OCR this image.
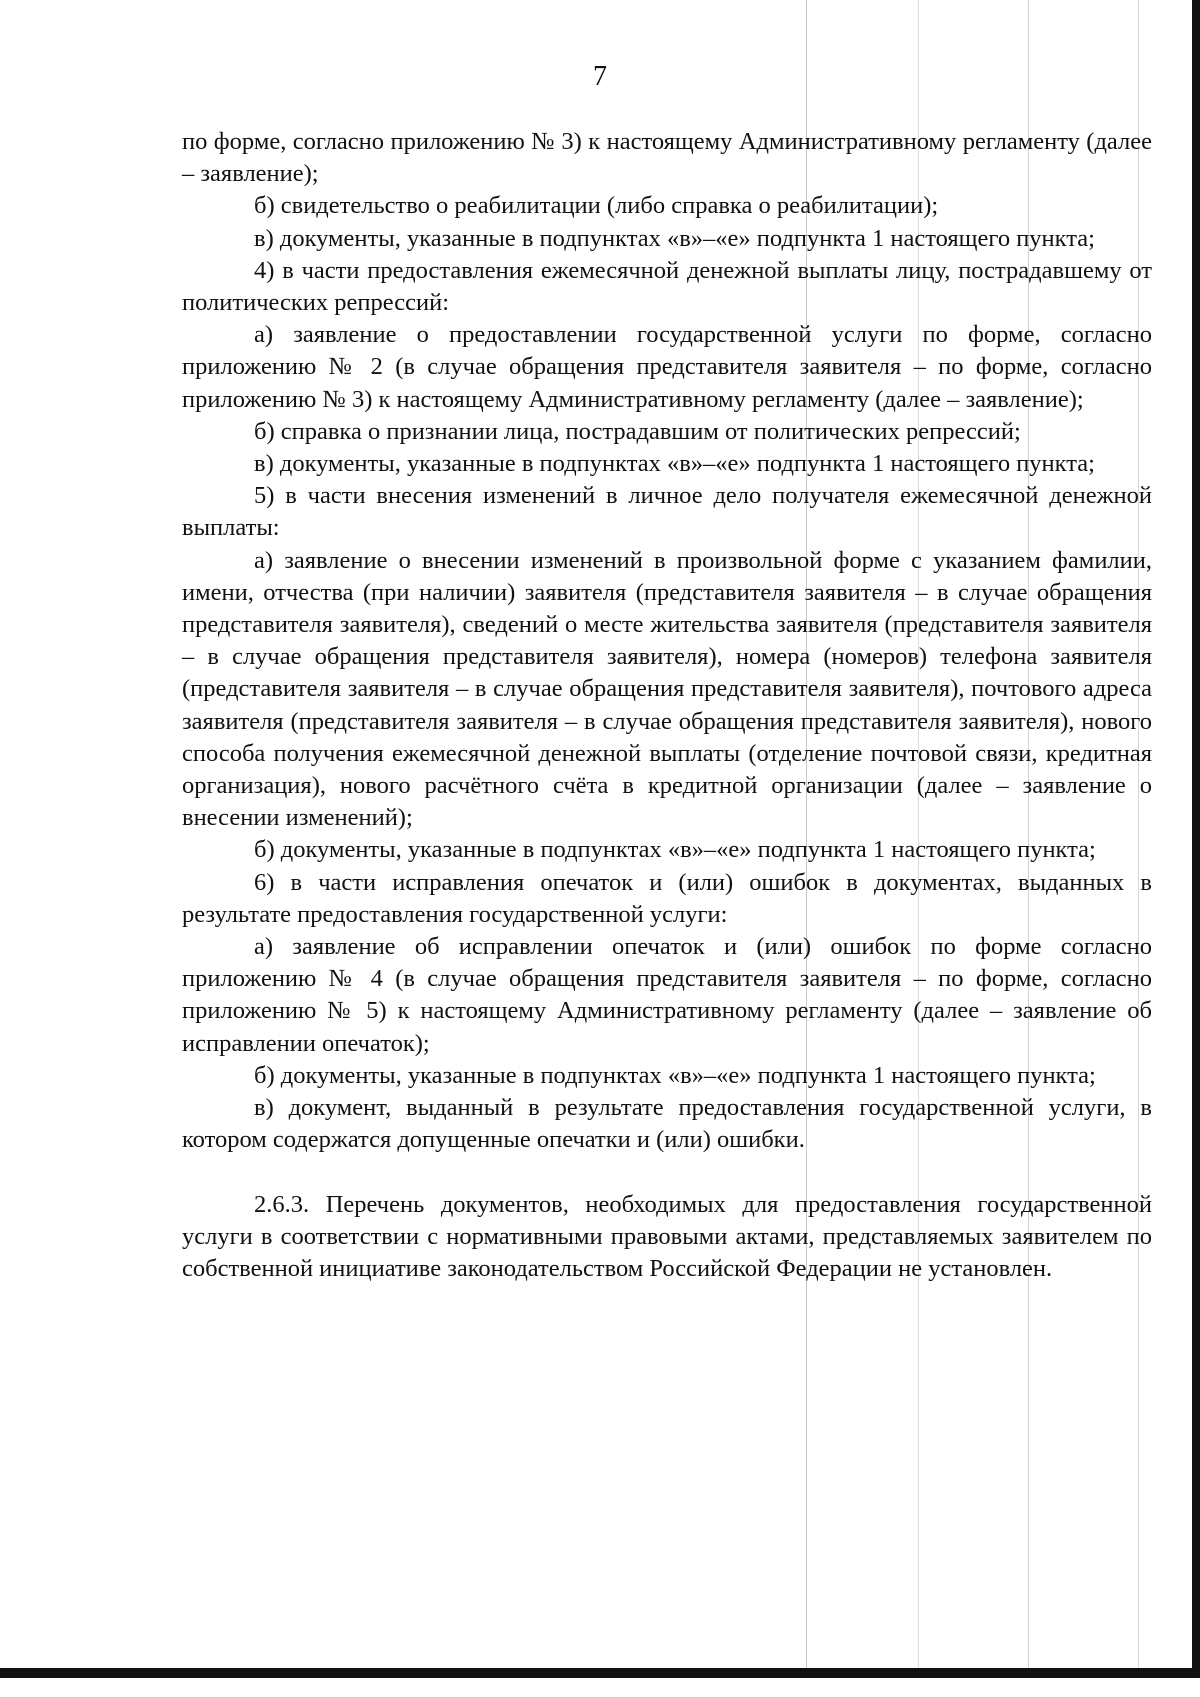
7

по форме, согласно приложению № 3) к настоящему Административному регламенту (далее – заявление);

б) свидетельство о реабилитации (либо справка о реабилитации);

в) документы, указанные в подпунктах «в»–«е» подпункта 1 настоящего пункта;

4) в части предоставления ежемесячной денежной выплаты лицу, пострадавшему от политических репрессий:

а) заявление о предоставлении государственной услуги по форме, согласно приложению № 2 (в случае обращения представителя заявителя – по форме, согласно приложению № 3) к настоящему Административному регламенту (далее – заявление);

б) справка о признании лица, пострадавшим от политических репрессий;

в) документы, указанные в подпунктах «в»–«е» подпункта 1 настоящего пункта;

5) в части внесения изменений в личное дело получателя ежемесячной денежной выплаты:

а) заявление о внесении изменений в произвольной форме с указанием фамилии, имени, отчества (при наличии) заявителя (представителя заявителя – в случае обращения представителя заявителя), сведений о месте жительства заявителя (представителя заявителя – в случае обращения представителя заявителя), номера (номеров) телефона заявителя (представителя заявителя – в случае обращения представителя заявителя), почтового адреса заявителя (представителя заявителя – в случае обращения представителя заявителя), нового способа получения ежемесячной денежной выплаты (отделение почтовой связи, кредитная организация), нового расчётного счёта в кредитной организации (далее – заявление о внесении изменений);

б) документы, указанные в подпунктах «в»–«е» подпункта 1 настоящего пункта;

6) в части исправления опечаток и (или) ошибок в документах, выданных в результате предоставления государственной услуги:

а) заявление об исправлении опечаток и (или) ошибок по форме согласно приложению № 4 (в случае обращения представителя заявителя – по форме, согласно приложению № 5) к настоящему Административному регламенту (далее – заявление об исправлении опечаток);

б) документы, указанные в подпунктах «в»–«е» подпункта 1 настоящего пункта;

в) документ, выданный в результате предоставления государственной услуги, в котором содержатся допущенные опечатки и (или) ошибки.

2.6.3. Перечень документов, необходимых для предоставления государственной услуги в соответствии с нормативными правовыми актами, представляемых заявителем по собственной инициативе законодательством Российской Федерации не установлен.
